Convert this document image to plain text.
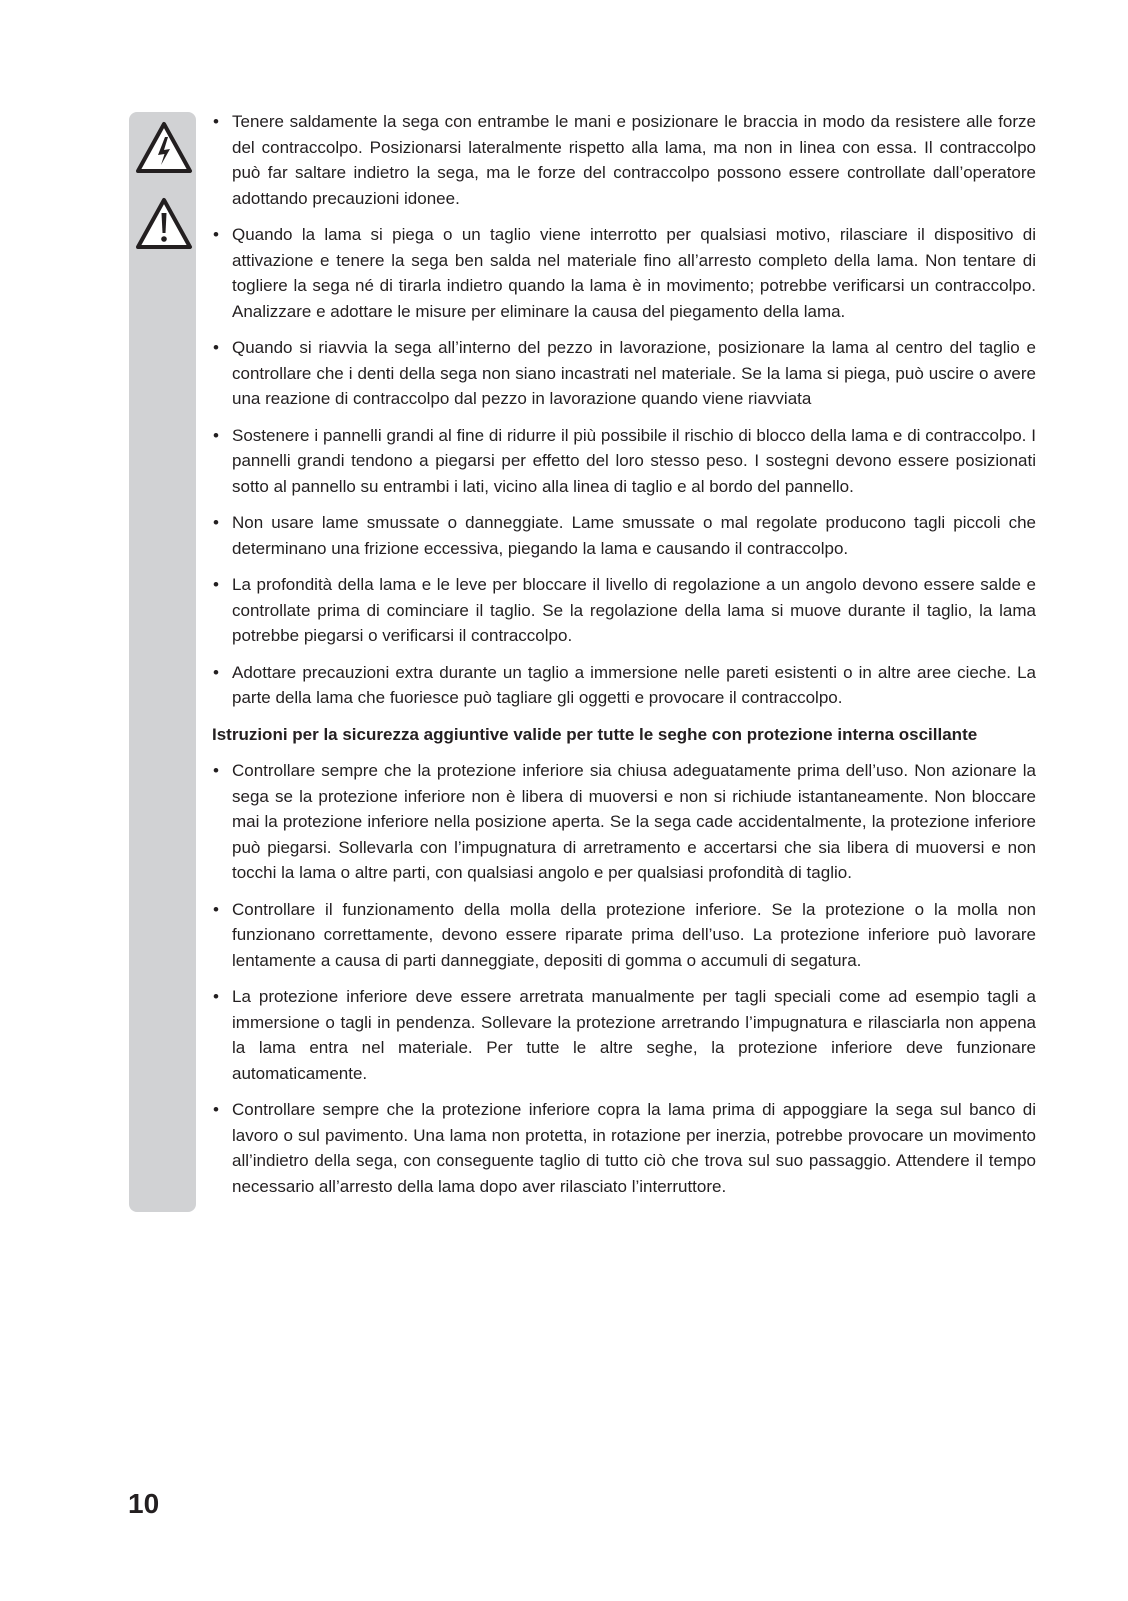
• Tenere saldamente la sega con entrambe le mani e posizionare le braccia in modo da resistere alle forze del contraccolpo. Posizionarsi lateralmente rispetto alla lama, ma non in linea con essa. Il contraccolpo può far saltare indietro la sega, ma le forze del contraccolpo possono essere controllate dall’operatore adottando precauzioni idonee.
• Quando la lama si piega o un taglio viene interrotto per qualsiasi motivo, rilasciare il dispositivo di attivazione e tenere la sega ben salda nel materiale fino all’arresto completo della lama. Non tentare di togliere la sega né di tirarla indietro quando la lama è in movimento; potrebbe verificarsi un contraccolpo. Analizzare e adottare le misure per eliminare la causa del piegamento della lama.
• Quando si riavvia la sega all’interno del pezzo in lavorazione, posizionare la lama al centro del taglio e controllare che i denti della sega non siano incastrati nel materiale. Se la lama si piega, può uscire o avere una reazione di contraccolpo dal pezzo in lavorazione quando viene riavviata
• Sostenere i pannelli grandi al fine di ridurre il più possibile il rischio di blocco della lama e di contraccolpo. I pannelli grandi tendono a piegarsi per effetto del loro stesso peso. I sostegni devono essere posizionati sotto al pannello su entrambi i lati, vicino alla linea di taglio e al bordo del pannello.
• Non usare lame smussate o danneggiate. Lame smussate o mal regolate producono tagli piccoli che determinano una frizione eccessiva, piegando la lama e causando il contraccolpo.
• La profondità della lama e le leve per bloccare il livello di regolazione a un angolo devono essere salde e controllate prima di cominciare il taglio. Se la regolazione della lama si muove durante il taglio, la lama potrebbe piegarsi o verificarsi il contraccolpo.
• Adottare precauzioni extra durante un taglio a immersione nelle pareti esistenti o in altre aree cieche. La parte della lama che fuoriesce può tagliare gli oggetti e provocare il contraccolpo.
Istruzioni per la sicurezza aggiuntive valide per tutte le seghe con protezione interna oscillante
• Controllare sempre che la protezione inferiore sia chiusa adeguatamente prima dell’uso. Non azionare la sega se la protezione inferiore non è libera di muoversi e non si richiude istantaneamente. Non bloccare mai la protezione inferiore nella posizione aperta. Se la sega cade accidentalmente, la protezione inferiore può piegarsi. Sollevarla con l’impugnatura di arretramento e accertarsi che sia libera di muoversi e non tocchi la lama o altre parti, con qualsiasi angolo e per qualsiasi profondità di taglio.
• Controllare il funzionamento della molla della protezione inferiore. Se la protezione o la molla non funzionano correttamente, devono essere riparate prima dell’uso. La protezione inferiore può lavorare lentamente a causa di parti danneggiate, depositi di gomma o accumuli di segatura.
• La protezione inferiore deve essere arretrata manualmente per tagli speciali come ad esempio tagli a immersione o tagli in pendenza. Sollevare la protezione arretrando l’impugnatura e rilasciarla non appena la lama entra nel materiale. Per tutte le altre seghe, la protezione inferiore deve funzionare automaticamente.
• Controllare sempre che la protezione inferiore copra la lama prima di appoggiare la sega sul banco di lavoro o sul pavimento. Una lama non protetta, in rotazione per inerzia, potrebbe provocare un movimento all’indietro della sega, con conseguente taglio di tutto ciò che trova sul suo passaggio. Attendere il tempo necessario all’arresto della lama dopo aver rilasciato l’interruttore.
10
